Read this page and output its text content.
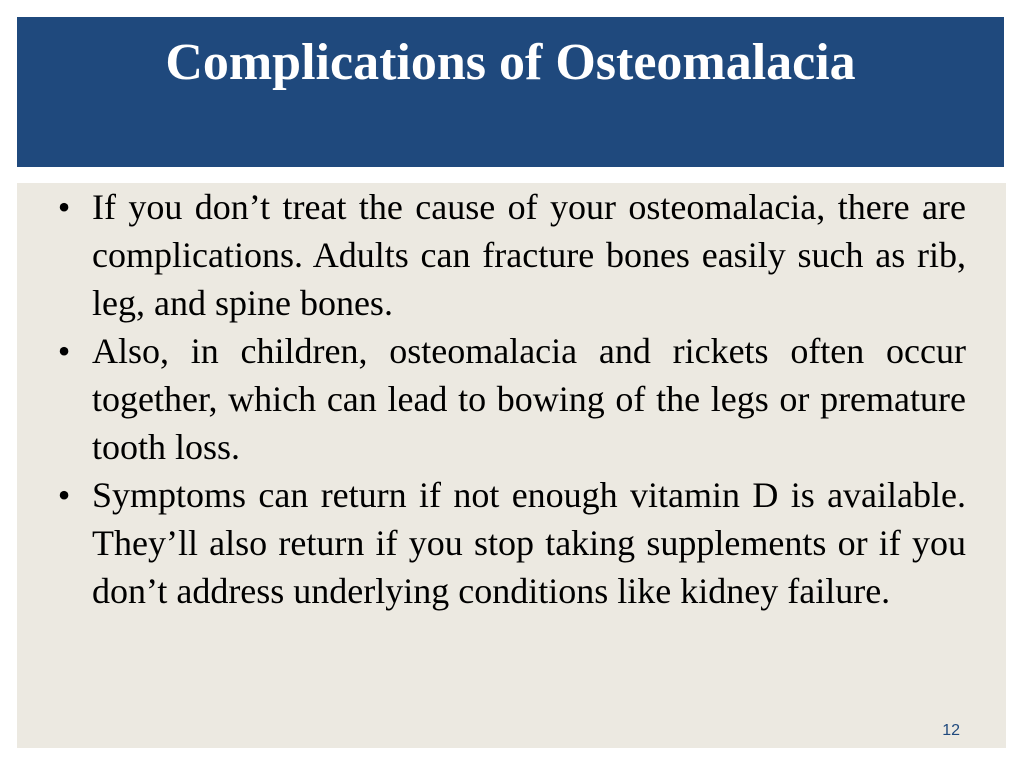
Complications of Osteomalacia
• If you don’t treat the cause of your osteomalacia, there are complications. Adults can fracture bones easily such as rib, leg, and spine bones.
• Also, in children, osteomalacia and rickets often occur together, which can lead to bowing of the legs or premature tooth loss.
• Symptoms can return if not enough vitamin D is available. They’ll also return if you stop taking supplements or if you don’t address underlying conditions like kidney failure.
12
